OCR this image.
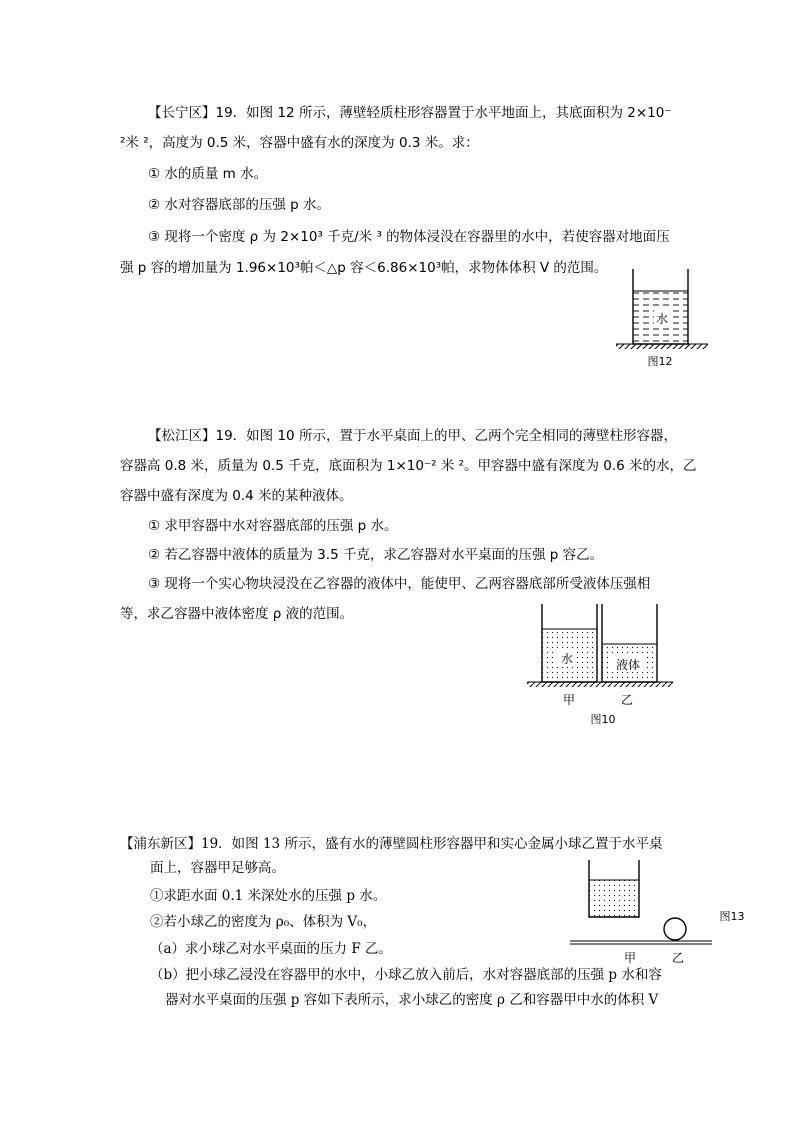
【长宁区】19．如图 12 所示，薄壁轻质柱形容器置于水平地面上，其底面积为 2×10⁻
²米 ²，高度为 0.5 米，容器中盛有水的深度为 0.3 米。求：
① 水的质量 m 水。
② 水对容器底部的压强 p 水。
③ 现将一个密度 ρ 为 2×10³ 千克/米 ³ 的物体浸没在容器里的水中，若使容器对地面压
强 p 容的增加量为 1.96×10³帕＜△p 容＜6.86×10³帕，求物体体积 V 的范围。
水
图12
【松江区】19．如图 10 所示，置于水平桌面上的甲、乙两个完全相同的薄壁柱形容器，
容器高 0.8 米，质量为 0.5 千克，底面积为 1×10⁻² 米 ²。甲容器中盛有深度为 0.6 米的水，乙
容器中盛有深度为 0.4 米的某种液体。
① 求甲容器中水对容器底部的压强 p 水。
② 若乙容器中液体的质量为 3.5 千克，求乙容器对水平桌面的压强 p 容乙。
③ 现将一个实心物块浸没在乙容器的液体中，能使甲、乙两容器底部所受液体压强相
等，求乙容器中液体密度 ρ 液的范围。
水	液体
甲	乙
图10
【浦东新区】19．如图 13 所示，盛有水的薄壁圆柱形容器甲和实心金属小球乙置于水平桌
面上，容器甲足够高。
①求距水面 0.1 米深处水的压强 p 水。
②若小球乙的密度为 ρ₀、体积为 V₀，
（a）求小球乙对水平桌面的压力 F 乙。
（b）把小球乙浸没在容器甲的水中，小球乙放入前后，水对容器底部的压强 p 水和容
器对水平桌面的压强 p 容如下表所示，求小球乙的密度 ρ 乙和容器甲中水的体积 V
甲	乙
图13
